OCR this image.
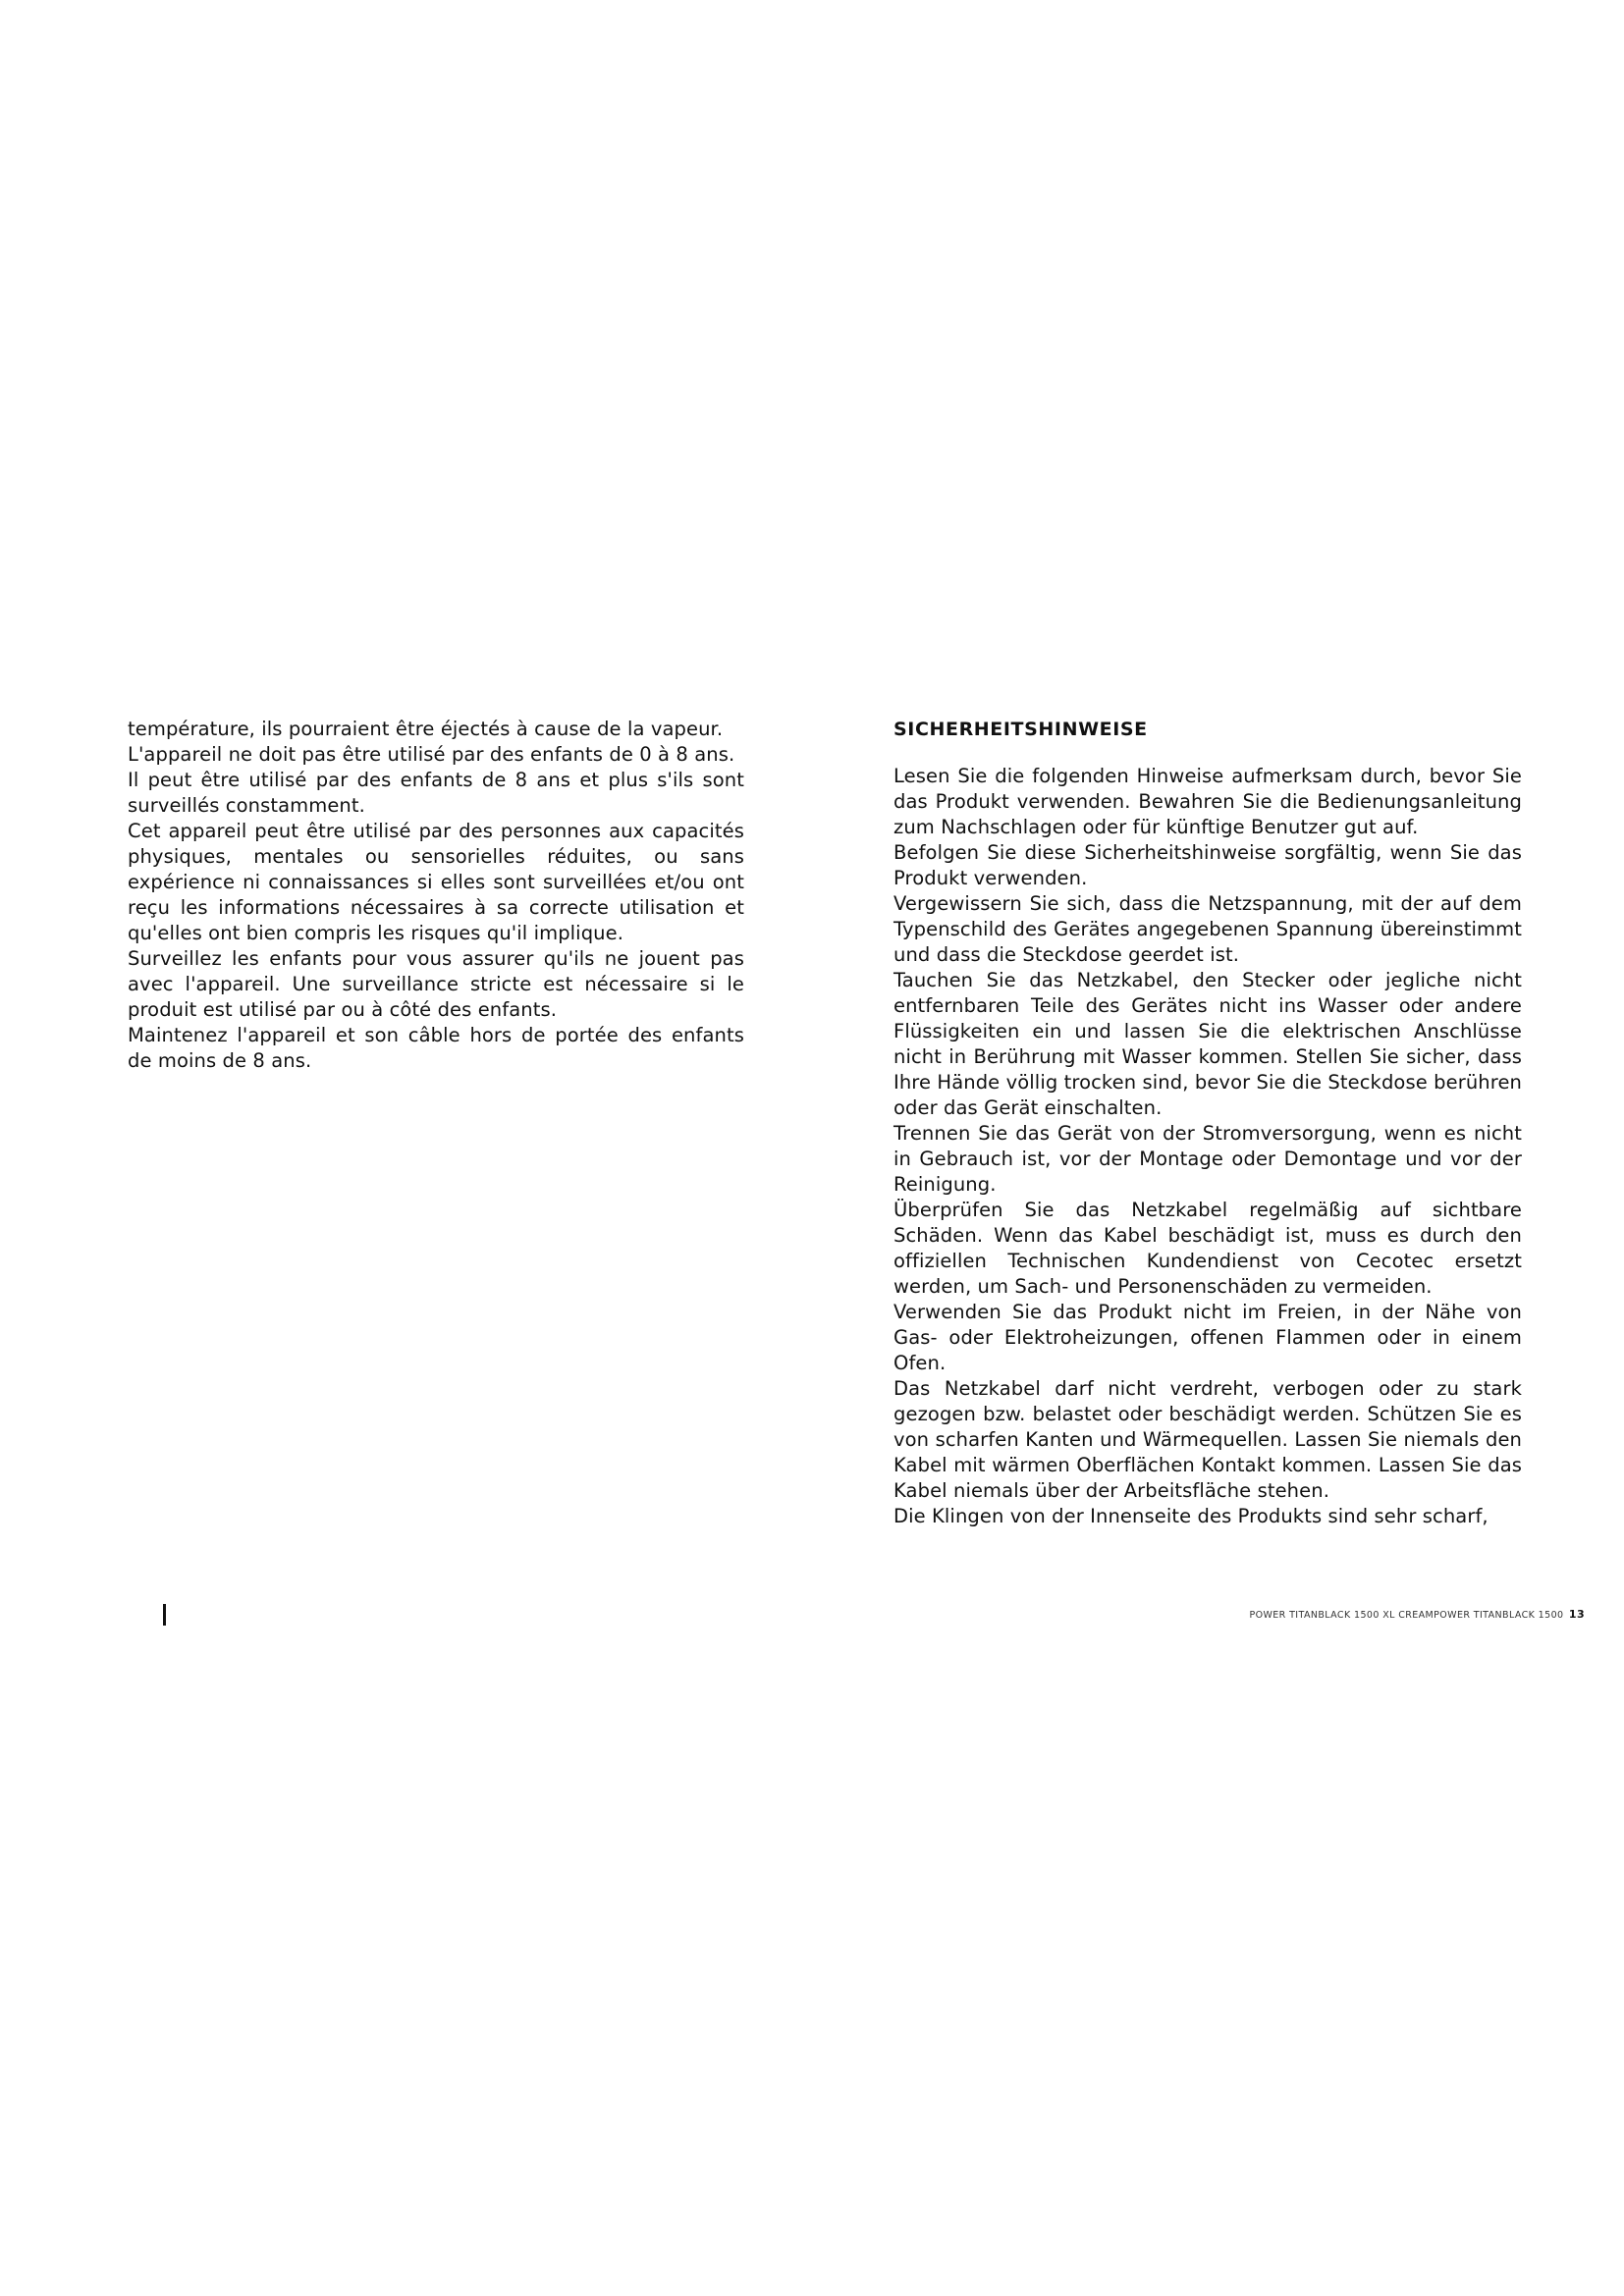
température, ils pourraient être éjectés à cause de la vapeur.

L'appareil ne doit pas être utilisé par des enfants de 0 à 8 ans.

Il peut être utilisé par des enfants de 8 ans et plus s'ils sont surveillés constamment.

Cet appareil peut être utilisé par des personnes aux capacités physiques, mentales ou sensorielles réduites, ou sans expérience ni connaissances si elles sont surveillées et/ou ont reçu les informations nécessaires à sa correcte utilisation et qu'elles ont bien compris les risques qu'il implique.

Surveillez les enfants pour vous assurer qu'ils ne jouent pas avec l'appareil. Une surveillance stricte est nécessaire si le produit est utilisé par ou à côté des enfants.

Maintenez l'appareil et son câble hors de portée des enfants de moins de 8 ans.

SICHERHEITSHINWEISE

Lesen Sie die folgenden Hinweise aufmerksam durch, bevor Sie das Produkt verwenden. Bewahren Sie die Bedienungsanleitung zum Nachschlagen oder für künftige Benutzer gut auf.

Befolgen Sie diese Sicherheitshinweise sorgfältig, wenn Sie das Produkt verwenden.

Vergewissern Sie sich, dass die Netzspannung, mit der auf dem Typenschild des Gerätes angegebenen Spannung übereinstimmt und dass die Steckdose geerdet ist.

Tauchen Sie das Netzkabel, den Stecker oder jegliche nicht entfernbaren Teile des Gerätes nicht ins Wasser oder andere Flüssigkeiten ein und lassen Sie die elektrischen Anschlüsse nicht in Berührung mit Wasser kommen. Stellen Sie sicher, dass Ihre Hände völlig trocken sind, bevor Sie die Steckdose berühren oder das Gerät einschalten.

Trennen Sie das Gerät von der Stromversorgung, wenn es nicht in Gebrauch ist, vor der Montage oder Demontage und vor der Reinigung.

Überprüfen Sie das Netzkabel regelmäßig auf sichtbare Schäden. Wenn das Kabel beschädigt ist, muss es durch den offiziellen Technischen Kundendienst von Cecotec ersetzt werden, um Sach- und Personenschäden zu vermeiden.

Verwenden Sie das Produkt nicht im Freien, in der Nähe von Gas- oder Elektroheizungen, offenen Flammen oder in einem Ofen.

Das Netzkabel darf nicht verdreht, verbogen oder zu stark gezogen bzw. belastet oder beschädigt werden. Schützen Sie es von scharfen Kanten und Wärmequellen. Lassen Sie niemals den Kabel mit wärmen Oberflächen Kontakt kommen. Lassen Sie das Kabel niemals über der Arbeitsfläche stehen.

Die Klingen von der Innenseite des Produkts sind sehr scharf,

POWER TITANBLACK 1500 XL CREAMPOWER TITANBLACK 1500 13
